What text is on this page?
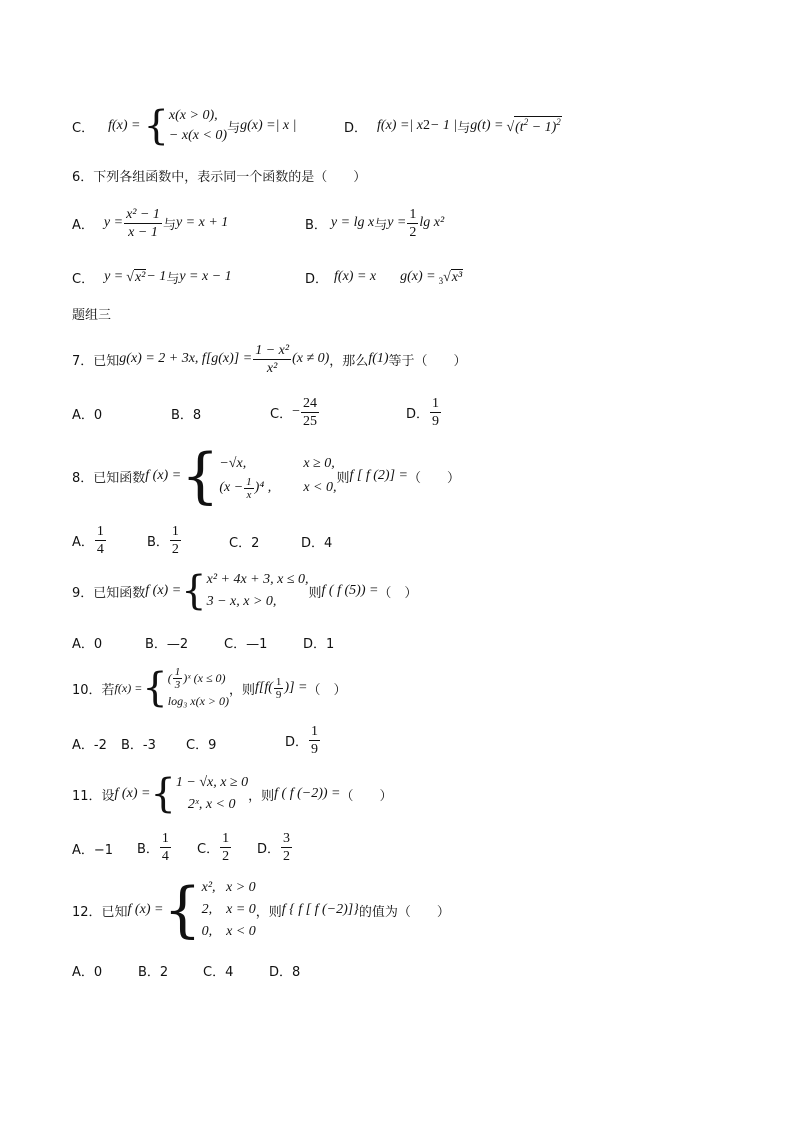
C． f(x) = { x(x > 0),
− x(x < 0) 与 g(x) =| x |	D． f(x) =| x 2 − 1 | 与 g(t) = √ $(t^2 - 1)^2$
6．下列各组函数中，表示同一个函数的是（　　）
A． $y = \frac{\text{x² − 1}}{x - 1}$ 与 y = x + 1	B． y = lg x 与 $y = \frac{1}{2}$ lg x²
C． y = √ x² − 1 与 y = x − 1	D． f(x) = x g(x) = 3 √ x³
题组三
7．已知 g(x) = 2 + 3x, $f[g(x)] = \frac{\text{1 − x²}}{\text{x²}} (x \ne 0)$ ，那么 f(1) 等于（　　）
A．0	B．8	C． − $\frac{24}{25}$	D． $\frac{1}{9}$
8．已知函数 f (x) = { −√x,	x ≥ 0,
$(x - \frac{1}{x} )^4$ , x < 0,
则 f [ f (2)] = （　　）
A． $\frac{1}{4}$	B． $\frac{1}{2}$	C．2	D．4
9．已知函数 f (x) = { x² + 4x + 3, x ≤ 0,
3 − x, x > 0,
则 f ( f (5)) = （　）
A．0	B．—2	C．—1	D．1
10．若 f(x) = { ( $\frac{1}{3}$ )ˣ (x ≤ 0)
log₃ x(x > 0)
，则 $f[f( \frac{1}{9}$ )] = （　）
A．-2 B．-3 C．9	D． $\frac{1}{9}$
11．设 f (x) = { 1 − √x, x ≥ 0
2ˣ, x < 0
，则 f ( f (−2)) = （　　）
A．−1 B． $\frac{1}{4}$ C． $\frac{1}{2}$ D． $\frac{3}{2}$
12．已知 f (x) = { x²,   x > 0
2,    x = 0
0,    x < 0
，则 f { f [ f (−2)]} 的值为（　　）
A．0	B．2	C．4	D．8
